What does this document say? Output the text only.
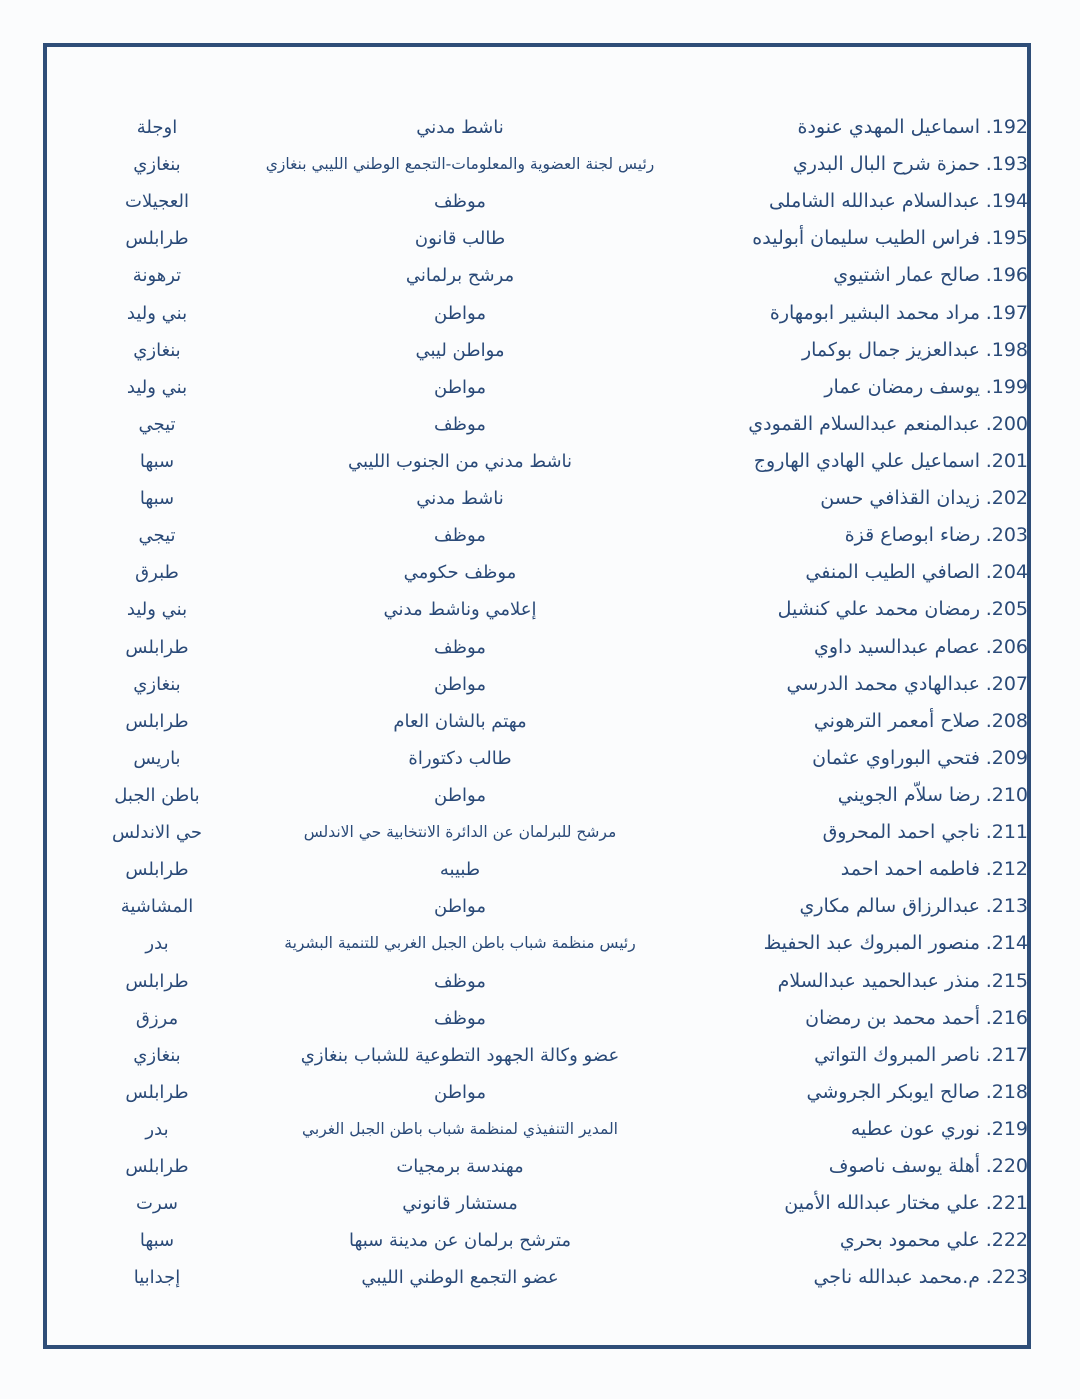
.192
اسماعيل المهدي عنودة
ناشط مدني
اوجلة
.193
حمزة شرح البال البدري
رئيس لجنة العضوية والمعلومات-التجمع الوطني الليبي بنغازي
بنغازي
.194
عبدالسلام عبدالله الشاملى
موظف
العجيلات
.195
فراس الطيب سليمان أبوليده
طالب قانون
طرابلس
.196
صالح عمار اشتيوي
مرشح برلماني
ترهونة
.197
مراد محمد البشير ابومهارة
مواطن
بني وليد
.198
عبدالعزيز جمال بوكمار
مواطن ليبي
بنغازي
.199
يوسف رمضان عمار
مواطن
بني وليد
.200
عبدالمنعم عبدالسلام القمودي
موظف
تيجي
.201
اسماعيل علي الهادي الهاروج
ناشط مدني من الجنوب الليبي
سبها
.202
زيدان القذافي حسن
ناشط مدني
سبها
.203
رضاء ابوصاع قزة
موظف
تيجي
.204
الصافي الطيب المنفي
موظف حكومي
طبرق
.205
رمضان محمد علي كنشيل
إعلامي وناشط مدني
بني وليد
.206
عصام عبدالسيد داوي
موظف
طرابلس
.207
عبدالهادي محمد الدرسي
مواطن
بنغازي
.208
صلاح أمعمر الترهوني
مهتم بالشان العام
طرابلس
.209
فتحي البوراوي عثمان
طالب دكتوراة
باريس
.210
رضا سلاّم الجويني
مواطن
باطن الجبل
.211
ناجي احمد المحروق
مرشح للبرلمان عن الدائرة الانتخابية حي الاندلس
حي الاندلس
.212
فاطمه احمد احمد
طبيبه
طرابلس
.213
عبدالرزاق سالم مكاري
مواطن
المشاشية
.214
منصور المبروك عبد الحفيظ
رئيس منظمة شباب باطن الجبل الغربي للتنمية البشرية
بدر
.215
منذر عبدالحميد عبدالسلام
موظف
طرابلس
.216
أحمد محمد بن رمضان
موظف
مرزق
.217
ناصر المبروك التواتي
عضو وكالة الجهود التطوعية للشباب بنغازي
بنغازي
.218
صالح ايوبكر الجروشي
مواطن
طرابلس
.219
نوري عون عطيه
المدير التنفيذي لمنظمة شباب باطن الجبل الغربي
بدر
.220
أهلة يوسف ناصوف
مهندسة برمجيات
طرابلس
.221
علي مختار عبدالله الأمين
مستشار قانوني
سرت
.222
علي محمود بحري
مترشح برلمان عن مدينة سبها
سبها
.223
م.محمد عبدالله ناجي
عضو التجمع الوطني الليبي
إجدابيا
